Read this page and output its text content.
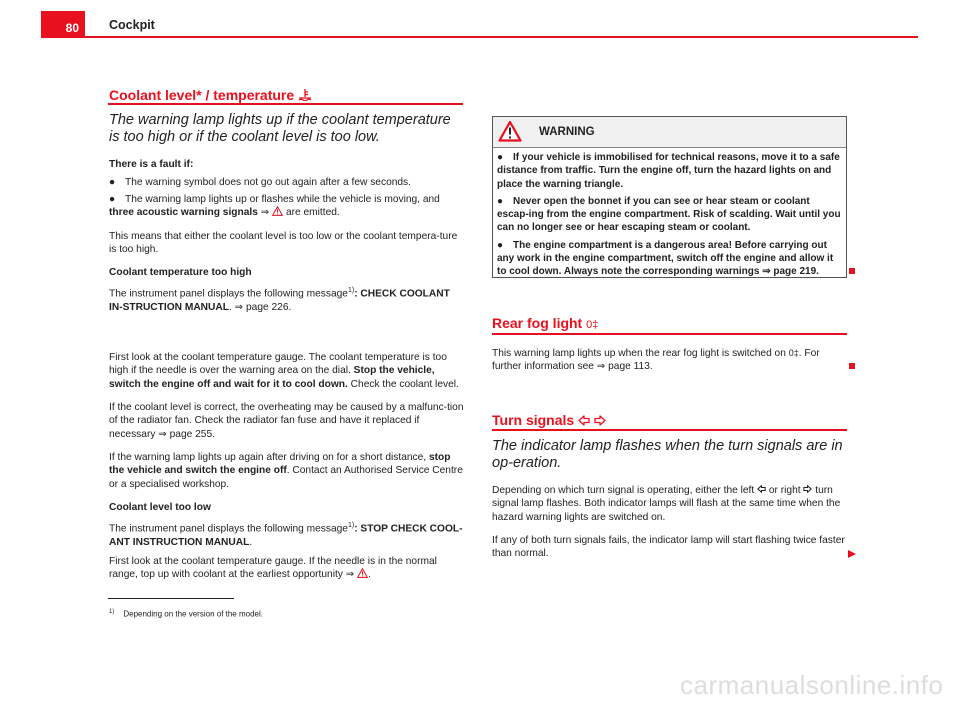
80	Cockpit
Coolant level* / temperature
The warning lamp lights up if the coolant temperature is too high or if the coolant level is too low.
There is a fault if:
● The warning symbol does not go out again after a few seconds.
● The warning lamp lights up or flashes while the vehicle is moving, and three acoustic warning signals ⇒  are emitted.
This means that either the coolant level is too low or the coolant tempera-ture is too high.
Coolant temperature too high
The instrument panel displays the following message$^{1)}$: CHECK COOLANT IN-STRUCTION MANUAL. ⇒ page 226.
First look at the coolant temperature gauge. The coolant temperature is too high if the needle is over the warning area on the dial. Stop the vehicle, switch the engine off and wait for it to cool down. Check the coolant level.
If the coolant level is correct, the overheating may be caused by a malfunc-tion of the radiator fan. Check the radiator fan fuse and have it replaced if necessary ⇒ page 255.
If the warning lamp lights up again after driving on for a short distance, stop the vehicle and switch the engine off. Contact an Authorised Service Centre or a specialised workshop.
Coolant level too low
The instrument panel displays the following message$^{1)}$: STOP CHECK COOL-ANT INSTRUCTION MANUAL.
First look at the coolant temperature gauge. If the needle is in the normal range, top up with coolant at the earliest opportunity ⇒ .
$^{1)}$ Depending on the version of the model.
WARNING
● If your vehicle is immobilised for technical reasons, move it to a safe distance from traffic. Turn the engine off, turn the hazard lights on and place the warning triangle.
● Never open the bonnet if you can see or hear steam or coolant escap-ing from the engine compartment. Risk of scalding. Wait until you can no longer see or hear escaping steam or coolant.
● The engine compartment is a dangerous area! Before carrying out any work in the engine compartment, switch off the engine and allow it to cool down. Always note the corresponding warnings ⇒ page 219.
Rear fog light 0‡
This warning lamp lights up when the rear fog light is switched on 0‡. For further information see ⇒ page 113.
Turn signals
The indicator lamp flashes when the turn signals are in op-eration.
Depending on which turn signal is operating, either the left  or right  turn signal lamp flashes. Both indicator lamps will flash at the same time when the hazard warning lights are switched on.
If any of both turn signals fails, the indicator lamp will start flashing twice faster than normal.
carmanualsonline.info
